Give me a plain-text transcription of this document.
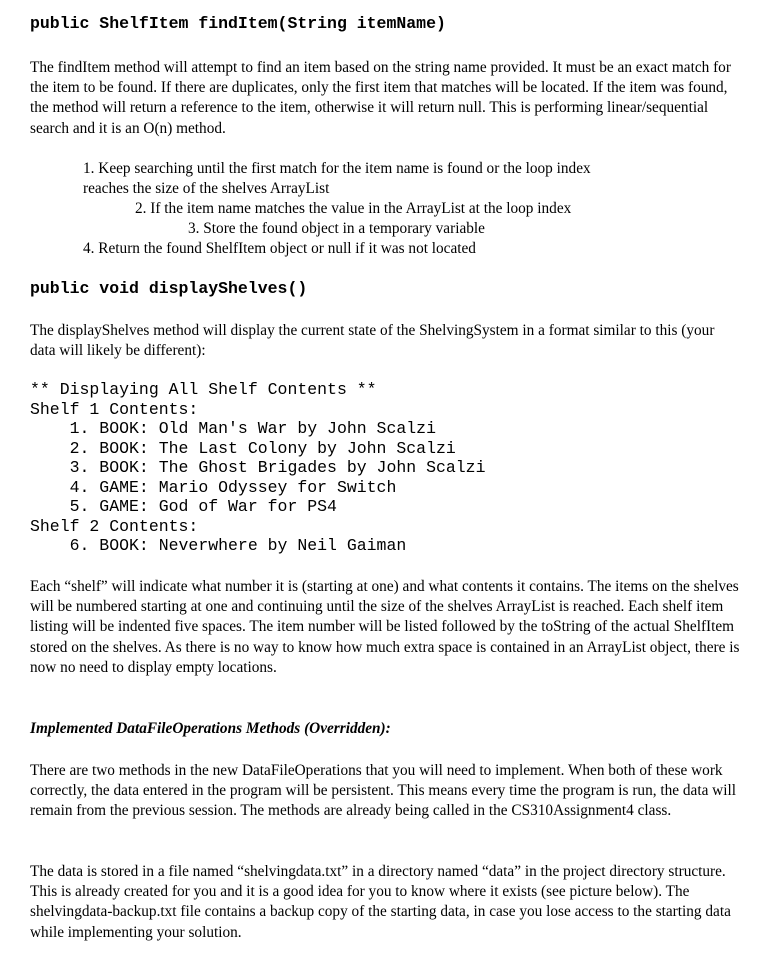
public ShelfItem findItem(String itemName)

The findItem method will attempt to find an item based on the string name provided. It must be an exact match for the item to be found. If there are duplicates, only the first item that matches will be located. If the item was found, the method will return a reference to the item, otherwise it will return null. This is performing linear/sequential search and it is an O(n) method.

1. Keep searching until the first match for the item name is found or the loop index
reaches the size of the shelves ArrayList
2. If the item name matches the value in the ArrayList at the loop index
3. Store the found object in a temporary variable
4. Return the found ShelfItem object or null if it was not located
public void displayShelves()

The displayShelves method will display the current state of the ShelvingSystem in a format similar to this (your data will likely be different):

** Displaying All Shelf Contents **
Shelf 1 Contents:
1. BOOK: Old Man's War by John Scalzi
2. BOOK: The Last Colony by John Scalzi
3. BOOK: The Ghost Brigades by John Scalzi
4. GAME: Mario Odyssey for Switch
5. GAME: God of War for PS4
Shelf 2 Contents:
6. BOOK: Neverwhere by Neil Gaiman

Each “shelf” will indicate what number it is (starting at one) and what contents it contains. The items on the shelves will be numbered starting at one and continuing until the size of the shelves ArrayList is reached. Each shelf item listing will be indented five spaces. The item number will be listed followed by the toString of the actual ShelfItem stored on the shelves. As there is no way to know how much extra space is contained in an ArrayList object, there is now no need to display empty locations.

Implemented DataFileOperations Methods (Overridden):

There are two methods in the new DataFileOperations that you will need to implement. When both of these work correctly, the data entered in the program will be persistent. This means every time the program is run, the data will remain from the previous session. The methods are already being called in the CS310Assignment4 class.

The data is stored in a file named “shelvingdata.txt” in a directory named “data” in the project directory structure. This is already created for you and it is a good idea for you to know where it exists (see picture below). The shelvingdata-backup.txt file contains a backup copy of the starting data, in case you lose access to the starting data while implementing your solution.
